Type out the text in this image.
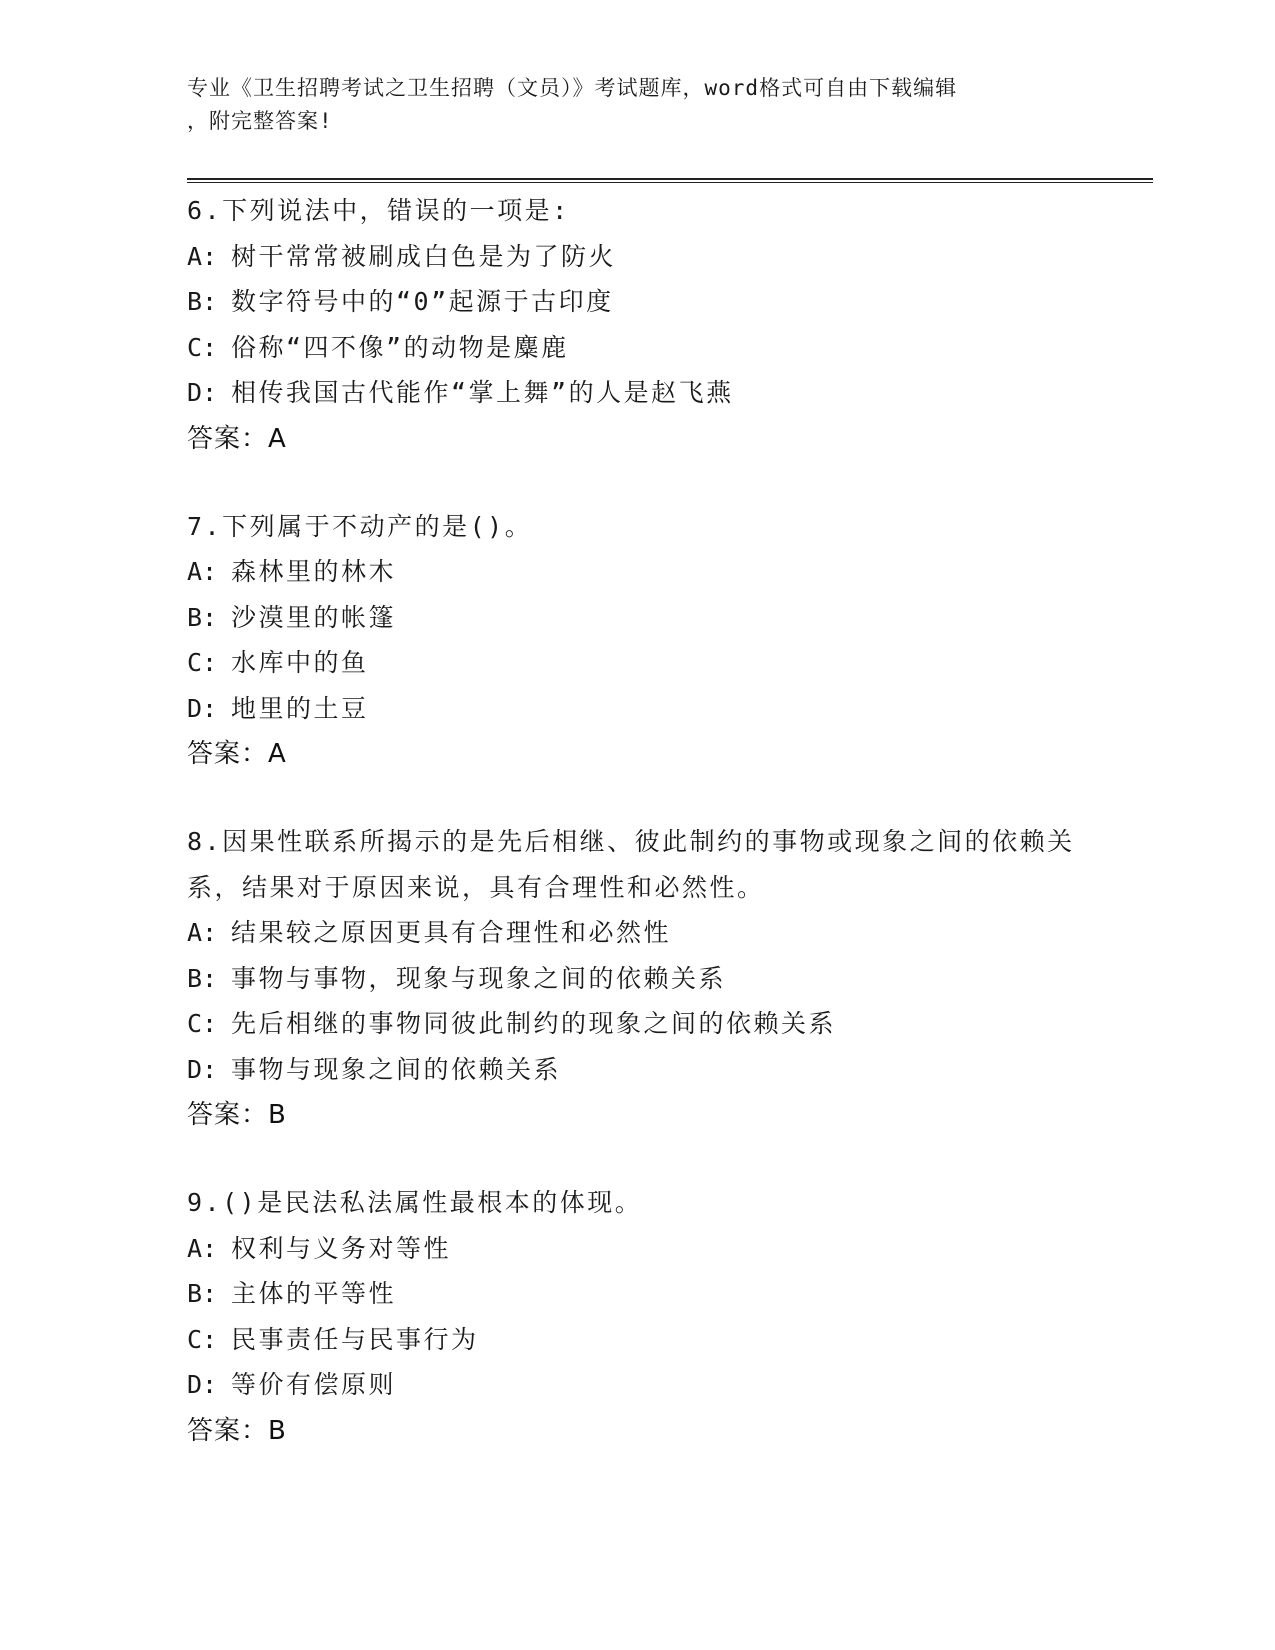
专业《卫生招聘考试之卫生招聘（文员）》考试题库，word格式可自由下载编辑
，附完整答案!
6.下列说法中，错误的一项是:
A: 树干常常被刷成白色是为了防火
B: 数字符号中的“0”起源于古印度
C: 俗称“四不像”的动物是麋鹿
D: 相传我国古代能作“掌上舞”的人是赵飞燕
答案：A
7.下列属于不动产的是()。
A: 森林里的林木
B: 沙漠里的帐篷
C: 水库中的鱼
D: 地里的土豆
答案：A
8.因果性联系所揭示的是先后相继、彼此制约的事物或现象之间的依赖关系，结果对于原因来说，具有合理性和必然性。
A: 结果较之原因更具有合理性和必然性
B: 事物与事物，现象与现象之间的依赖关系
C: 先后相继的事物同彼此制约的现象之间的依赖关系
D: 事物与现象之间的依赖关系
答案：B
9.()是民法私法属性最根本的体现。
A: 权利与义务对等性
B: 主体的平等性
C: 民事责任与民事行为
D: 等价有偿原则
答案：B
